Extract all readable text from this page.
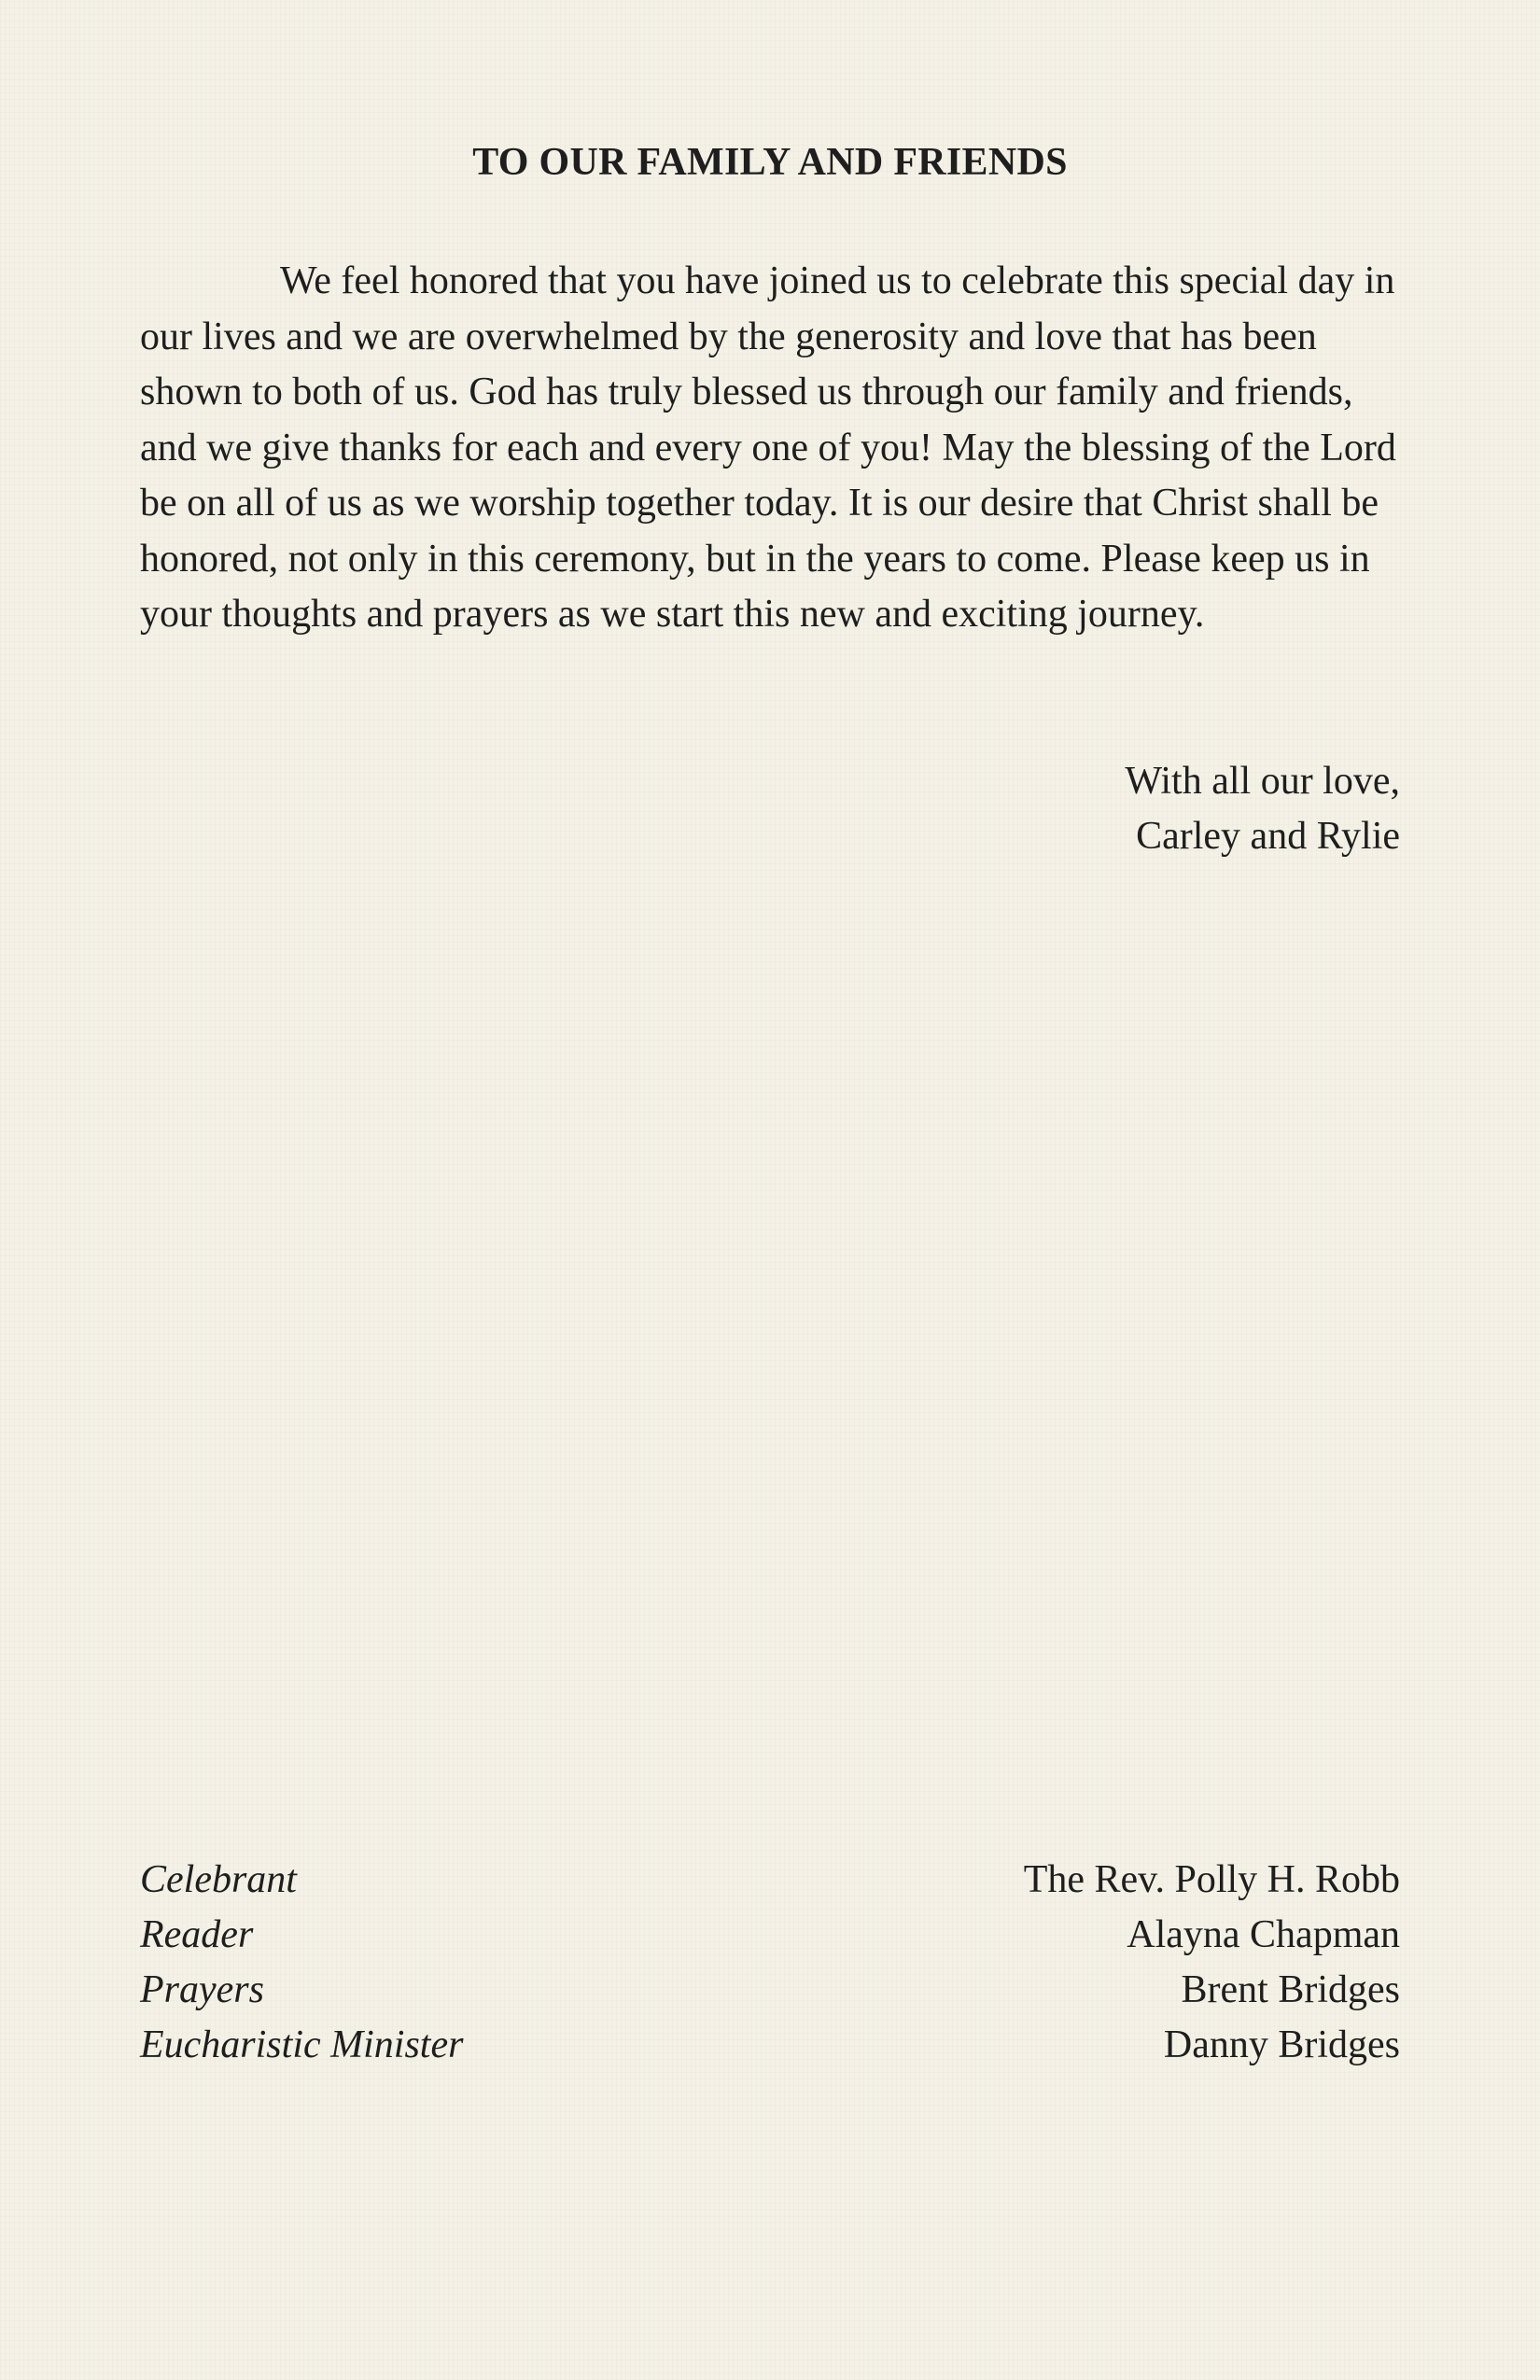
TO OUR FAMILY AND FRIENDS

We feel honored that you have joined us to celebrate this special day in our lives and we are overwhelmed by the generosity and love that has been shown to both of us. God has truly blessed us through our family and friends, and we give thanks for each and every one of you! May the blessing of the Lord be on all of us as we worship together today. It is our desire that Christ shall be honored, not only in this ceremony, but in the years to come. Please keep us in your thoughts and prayers as we start this new and exciting journey.

With all our love,
Carley and Rylie
Celebrant	The Rev. Polly H. Robb
Reader	Alayna Chapman
Prayers	Brent Bridges
Eucharistic Minister	Danny Bridges
